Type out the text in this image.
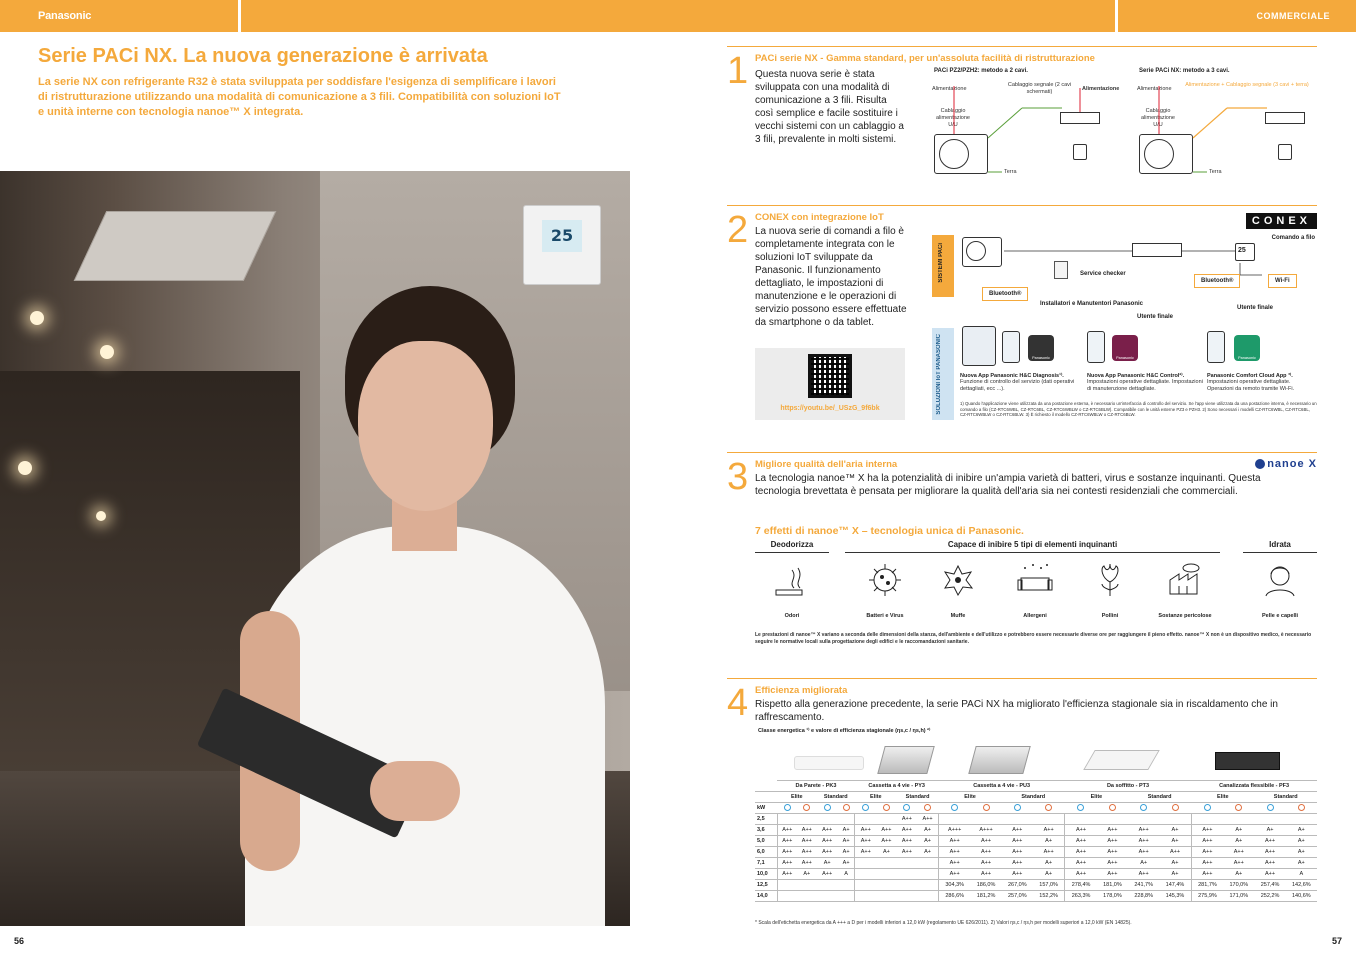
Panasonic	COMMERCIALE
Serie PACi NX. La nuova generazione è arrivata

La serie NX con refrigerante R32 è stata sviluppata per soddisfare l'esigenza di semplificare i lavori di ristrutturazione utilizzando una modalità di comunicazione a 3 fili. Compatibilità con soluzioni IoT e unità interne con tecnologia nanoe™ X integrata.

25
56	57
1 PACi serie NX - Gamma standard, per un'assoluta facilità di ristrutturazione

Questa nuova serie è stata sviluppata con una modalità di comunicazione a 3 fili. Risulta così semplice e facile sostituire i vecchi sistemi con un cablaggio a 3 fili, prevalente in molti sistemi.

PACi PZ2/PZH2: metodo a 2 cavi.
Alimentazione
Cablaggio segnale (2 cavi schermati)	Alimentazione
Cablaggio alimentazione U/U
Terra
Serie PACi NX: metodo a 3 cavi.
Alimentazione
Alimentazione + Cablaggio segnale (3 cavi + terra)
Cablaggio alimentazione U/U
Terra
2 CONEX con integrazione IoT

La nuova serie di comandi a filo è completamente integrata con le soluzioni IoT sviluppate da Panasonic. Il funzionamento dettagliato, le impostazioni di manutenzione e le operazioni di servizio possono essere effettuate da smartphone o da tablet.

https://youtu.be/_USzG_9f6bk
CONEX
Comando a filo
SISTEMI PACi
SOLUZIONI IoT PANASONIC
25
Service checker
Bluetooth®
Bluetooth®	Wi-Fi
Installatori e Manutentori Panasonic
Utente finale
Utente finale
Panasonic	Panasonic	Panasonic
Nuova App Panasonic H&C Diagnosis¹⁾.
Funzione di controllo del servizio (dati operativi dettagliati, ecc ...).
Nuova App Panasonic H&C Control²⁾.
Impostazioni operative dettagliate. Impostazioni di manutenzione dettagliate.
Panasonic Comfort Cloud App ³⁾.
Impostazioni operative dettagliate. Operazioni da remoto tramite Wi-Fi.

1) Quando l'applicazione viene utilizzata da una postazione esterna, è necessario un'interfaccia di controllo del servizio. Se l'app viene utilizzata da una postazione interna, è necessario un comando a filo (CZ-RTC6WBL, CZ-RTC6BL, CZ-RTC6WBLW o CZ-RTC6BLW). Compatibile con le unità esterne PZ3 e PZH3. 2) Sono necessari i modelli CZ-RTC6WBL, CZ-RTC6BL, CZ-RTC6WBLW o CZ-RTC6BLW. 3) È richiesto il modello CZ-RTC6WBLW o CZ-RTC6BLW.

3 Migliore qualità dell'aria interna	nanoe X

La tecnologia nanoe™ X ha la potenzialità di inibire un'ampia varietà di batteri, virus e sostanze inquinanti. Questa tecnologia brevettata è pensata per migliorare la qualità dell'aria sia nei contesti residenziali che commerciali.

7 effetti di nanoe™ X – tecnologia unica di Panasonic.
Deodorizza	Capace di inibire 5 tipi di elementi inquinanti	Idrata
Odori	Batteri e Virus	Muffe	Allergeni	Pollini	Sostanze pericolose	Pelle e capelli

Le prestazioni di nanoe™ X variano a seconda delle dimensioni della stanza, dell'ambiente e dell'utilizzo e potrebbero essere necessarie diverse ore per raggiungere il pieno effetto. nanoe™ X non è un dispositivo medico, è necessario seguire le normative locali sulla progettazione degli edifici e le raccomandazioni sanitarie.

4 Efficienza migliorata

Rispetto alla generazione precedente, la serie PACi NX ha migliorato l'efficienza stagionale sia in riscaldamento che in raffrescamento.

Classe energetica ¹⁾ e valore di efficienza stagionale (ηs,c / ηs,h) ²⁾

	Da Parete - PK3				Cassetta a 4 vie - PY3				Cassetta a 4 vie - PU3				Da soffitto - PT3				Canalizzata flessibile - PF3			
	Elite		Standard		Elite		Standard		Elite		Standard		Elite		Standard		Elite		Standard	
kW																				
2,5							A++	A++												
3,6	A++	A++	A++	A+	A++	A++	A++	A+	A+++	A+++	A++	A++	A++	A++	A++	A+	A++	A+	A+	A+
5,0	A++	A++	A++	A+	A++	A++	A++	A+	A++	A++	A++	A+	A++	A++	A++	A+	A++	A+	A++	A+
6,0	A++	A++	A++	A+	A++	A+	A++	A+	A++	A++	A++	A++	A++	A++	A++	A++	A++	A++	A++	A+
7,1	A++	A++	A+	A+					A++	A++	A++	A+	A++	A++	A+	A+	A++	A++	A++	A+
10,0	A++	A+	A++	A					A++	A++	A++	A+	A++	A++	A++	A+	A++	A+	A++	A
12,5									304,3%	186,0%	267,0%	157,0%	278,4%	181,0%	241,7%	147,4%	281,7%	170,0%	257,4%	142,6%
14,0									286,6%	181,2%	257,0%	152,2%	263,3%	178,0%	228,8%	145,3%	275,9%	171,0%	252,2%	140,6%

* Scala dell'etichetta energetica da A +++ a D per i modelli inferiori a 12,0 kW (regolamento UE 626/2011). 2) Valori ηs,c / ηs,h per modelli superiori a 12,0 kW (EN 14825).
